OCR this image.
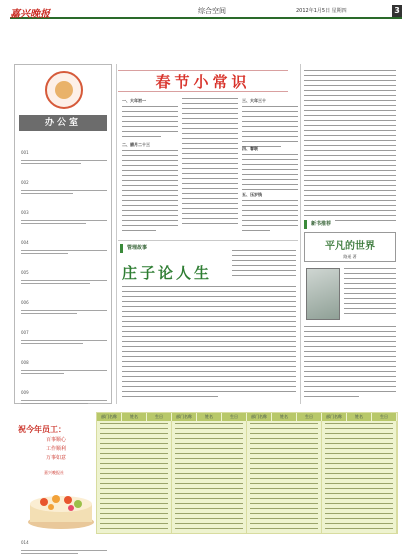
嘉兴晚报	综合空间	2012年1月5日 星期四	3
办公室
001
002
003
004
005
006
007
008
009
014
春节小常识
一、大年初一
二、腊月二十三
三、大年三十
四、春联
五、压岁钱
管理故事
庄子论人生
新书推荐
平凡的世界
路遥 著
祝今年员工：
百事顺心
工作顺利
万事如意
嘉兴晚报社
部门名称	姓名	生日	部门名称	姓名	生日	部门名称	姓名	生日	部门名称	姓名	生日
